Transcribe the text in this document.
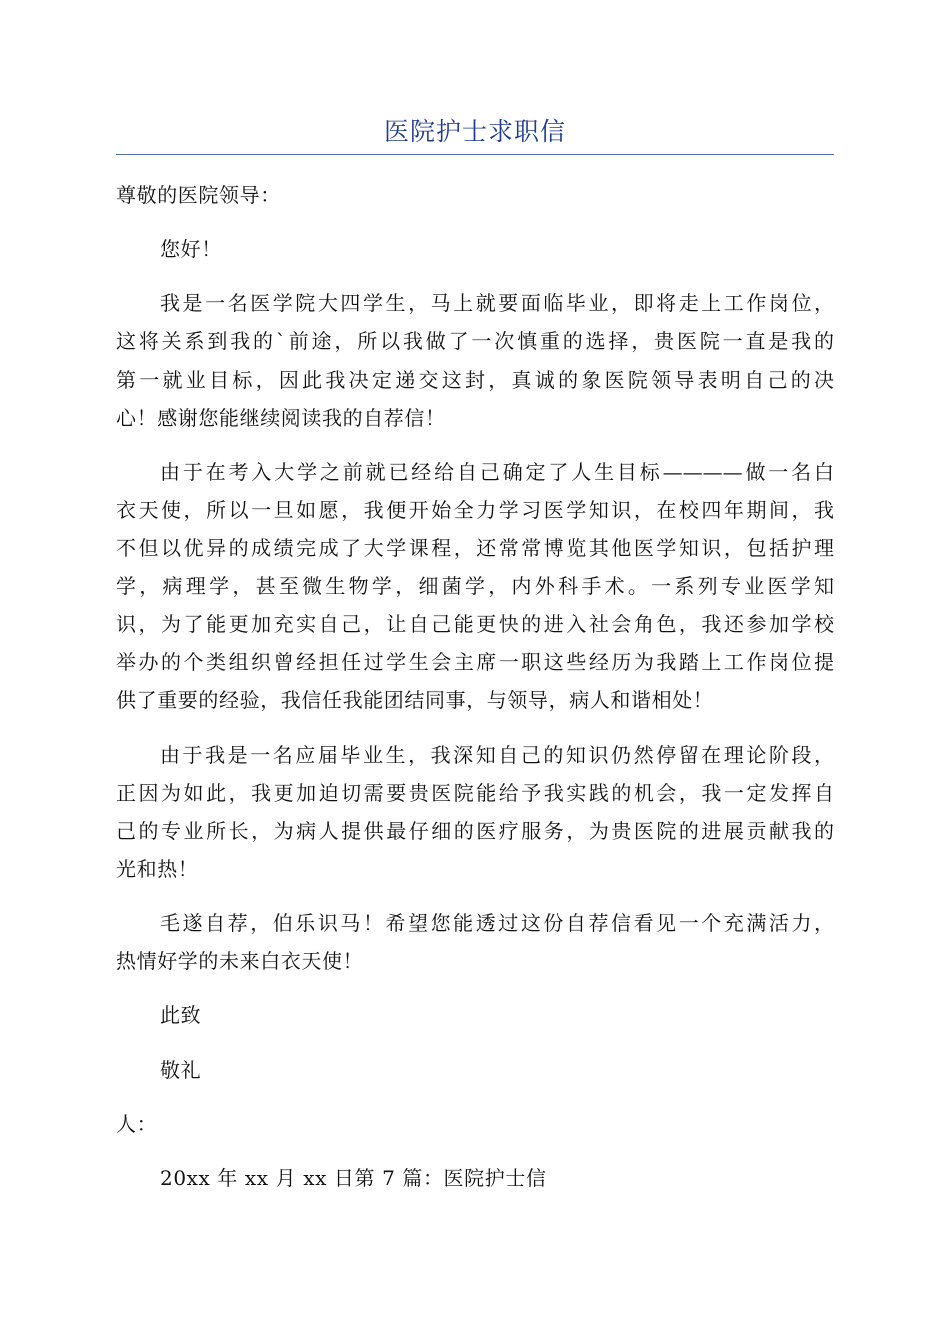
医院护士求职信
尊敬的医院领导：
您好！
我是一名医学院大四学生，马上就要面临毕业，即将走上工作岗位，
这将关系到我的`前途，所以我做了一次慎重的选择，贵医院一直是我的
第一就业目标，因此我决定递交这封，真诚的象医院领导表明自己的决
心！感谢您能继续阅读我的自荐信！
由于在考入大学之前就已经给自己确定了人生目标————做一名白
衣天使，所以一旦如愿，我便开始全力学习医学知识，在校四年期间，我
不但以优异的成绩完成了大学课程，还常常博览其他医学知识，包括护理
学，病理学，甚至微生物学，细菌学，内外科手术。一系列专业医学知
识，为了能更加充实自己，让自己能更快的进入社会角色，我还参加学校
举办的个类组织曾经担任过学生会主席一职这些经历为我踏上工作岗位提
供了重要的经验，我信任我能团结同事，与领导，病人和谐相处！
由于我是一名应届毕业生，我深知自己的知识仍然停留在理论阶段，
正因为如此，我更加迫切需要贵医院能给予我实践的机会，我一定发挥自
己的专业所长，为病人提供最仔细的医疗服务，为贵医院的进展贡献我的
光和热！
毛遂自荐，伯乐识马！希望您能透过这份自荐信看见一个充满活力，
热情好学的未来白衣天使！
此致
敬礼
人：
20xx 年 xx 月 xx 日第 7 篇：医院护士信
